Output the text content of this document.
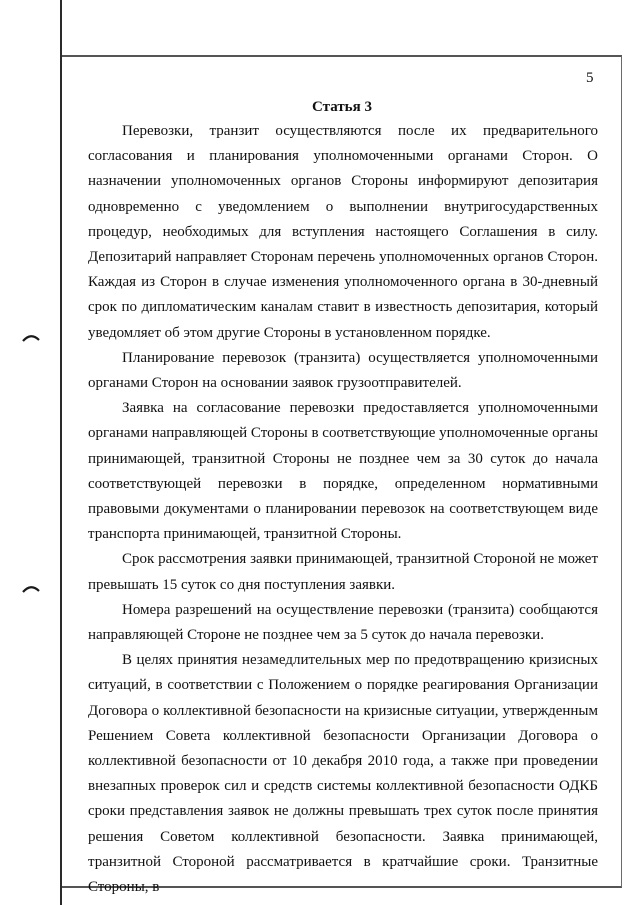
5
Статья 3

Перевозки, транзит осуществляются после их предварительного согласования и планирования уполномоченными органами Сторон. О назначении уполномоченных органов Стороны информируют депозитария одновременно с уведомлением о выполнении внутригосударственных процедур, необходимых для вступления настоящего Соглашения в силу. Депозитарий направляет Сторонам перечень уполномоченных органов Сторон. Каждая из Сторон в случае изменения уполномоченного органа в 30-дневный срок по дипломатическим каналам ставит в известность депозитария, который уведомляет об этом другие Стороны в установленном порядке.

Планирование перевозок (транзита) осуществляется уполномоченными органами Сторон на основании заявок грузоотправителей.

Заявка на согласование перевозки предоставляется уполномоченными органами направляющей Стороны в соответствующие уполномоченные органы принимающей, транзитной Стороны не позднее чем за 30 суток до начала соответствующей перевозки в порядке, определенном нормативными правовыми документами о планировании перевозок на соответствующем виде транспорта принимающей, транзитной Стороны.

Срок рассмотрения заявки принимающей, транзитной Стороной не может превышать 15 суток со дня поступления заявки.

Номера разрешений на осуществление перевозки (транзита) сообщаются направляющей Стороне не позднее чем за 5 суток до начала перевозки.

В целях принятия незамедлительных мер по предотвращению кризисных ситуаций, в соответствии с Положением о порядке реагирования Организации Договора о коллективной безопасности на кризисные ситуации, утвержденным Решением Совета коллективной безопасности Организации Договора о коллективной безопасности от 10 декабря 2010 года, а также при проведении внезапных проверок сил и средств системы коллективной безопасности ОДКБ сроки представления заявок не должны превышать трех суток после принятия решения Советом коллективной безопасности. Заявка принимающей, транзитной Стороной рассматривается в кратчайшие сроки. Транзитные Стороны, в
